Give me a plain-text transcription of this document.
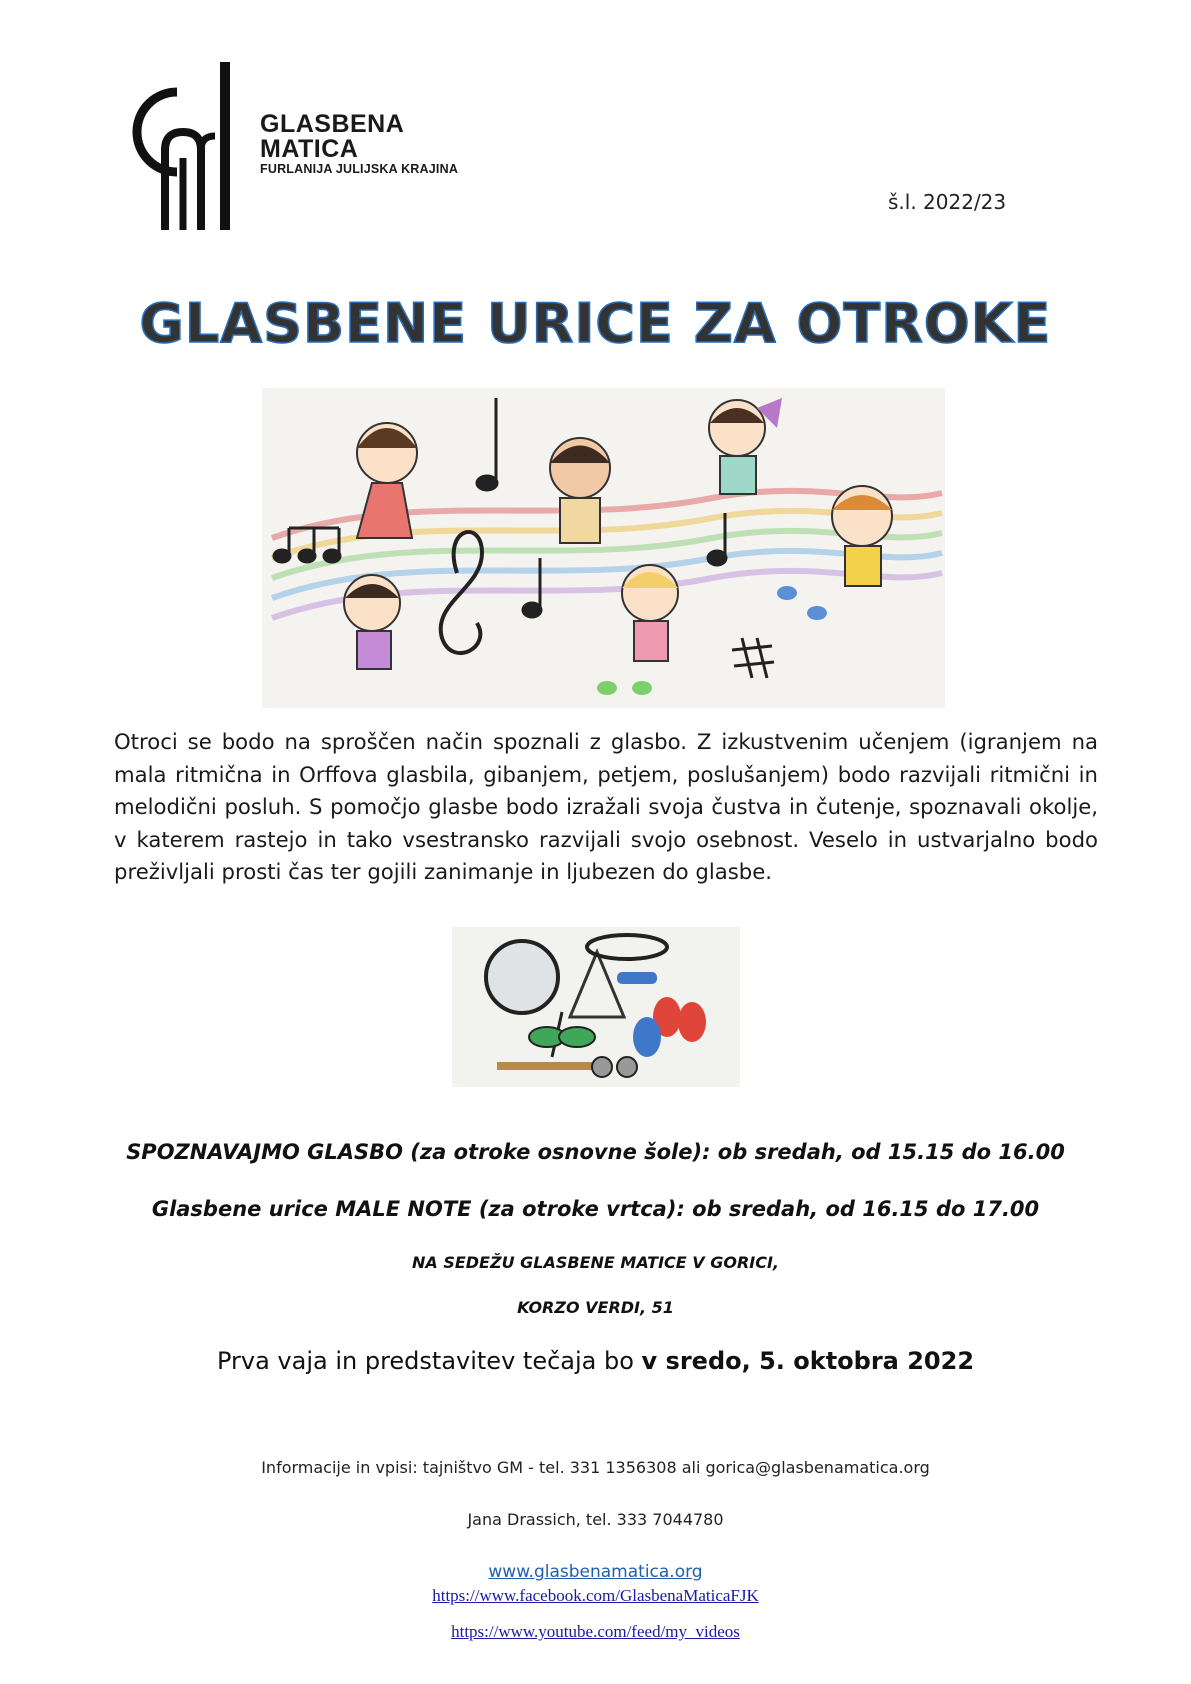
GLASBENA
MATICA
FURLANIJA JULIJSKA KRAJINA
š.l. 2022/23
GLASBENE URICE ZA OTROKE
Otroci se bodo na sproščen način spoznali z glasbo. Z izkustvenim učenjem (igranjem na mala ritmična in Orffova glasbila, gibanjem, petjem, poslušanjem) bodo razvijali ritmični in melodični posluh. S pomočjo glasbe bodo izražali svoja čustva in čutenje, spoznavali okolje, v katerem rastejo in tako vsestransko razvijali svojo osebnost. Veselo in ustvarjalno bodo preživljali prosti čas ter gojili zanimanje in ljubezen do glasbe.
SPOZNAVAJMO GLASBO (za otroke osnovne šole): ob sredah, od 15.15 do 16.00
Glasbene urice MALE NOTE (za otroke vrtca): ob sredah, od 16.15 do 17.00
NA SEDEŽU GLASBENE MATICE V GORICI,
KORZO VERDI, 51
Prva vaja in predstavitev tečaja bo v sredo, 5. oktobra 2022
Informacije in vpisi: tajništvo GM - tel. 331 1356308 ali gorica@glasbenamatica.org
Jana Drassich, tel. 333 7044780
www.glasbenamatica.org
https://www.facebook.com/GlasbenaMaticaFJK
https://www.youtube.com/feed/my_videos
